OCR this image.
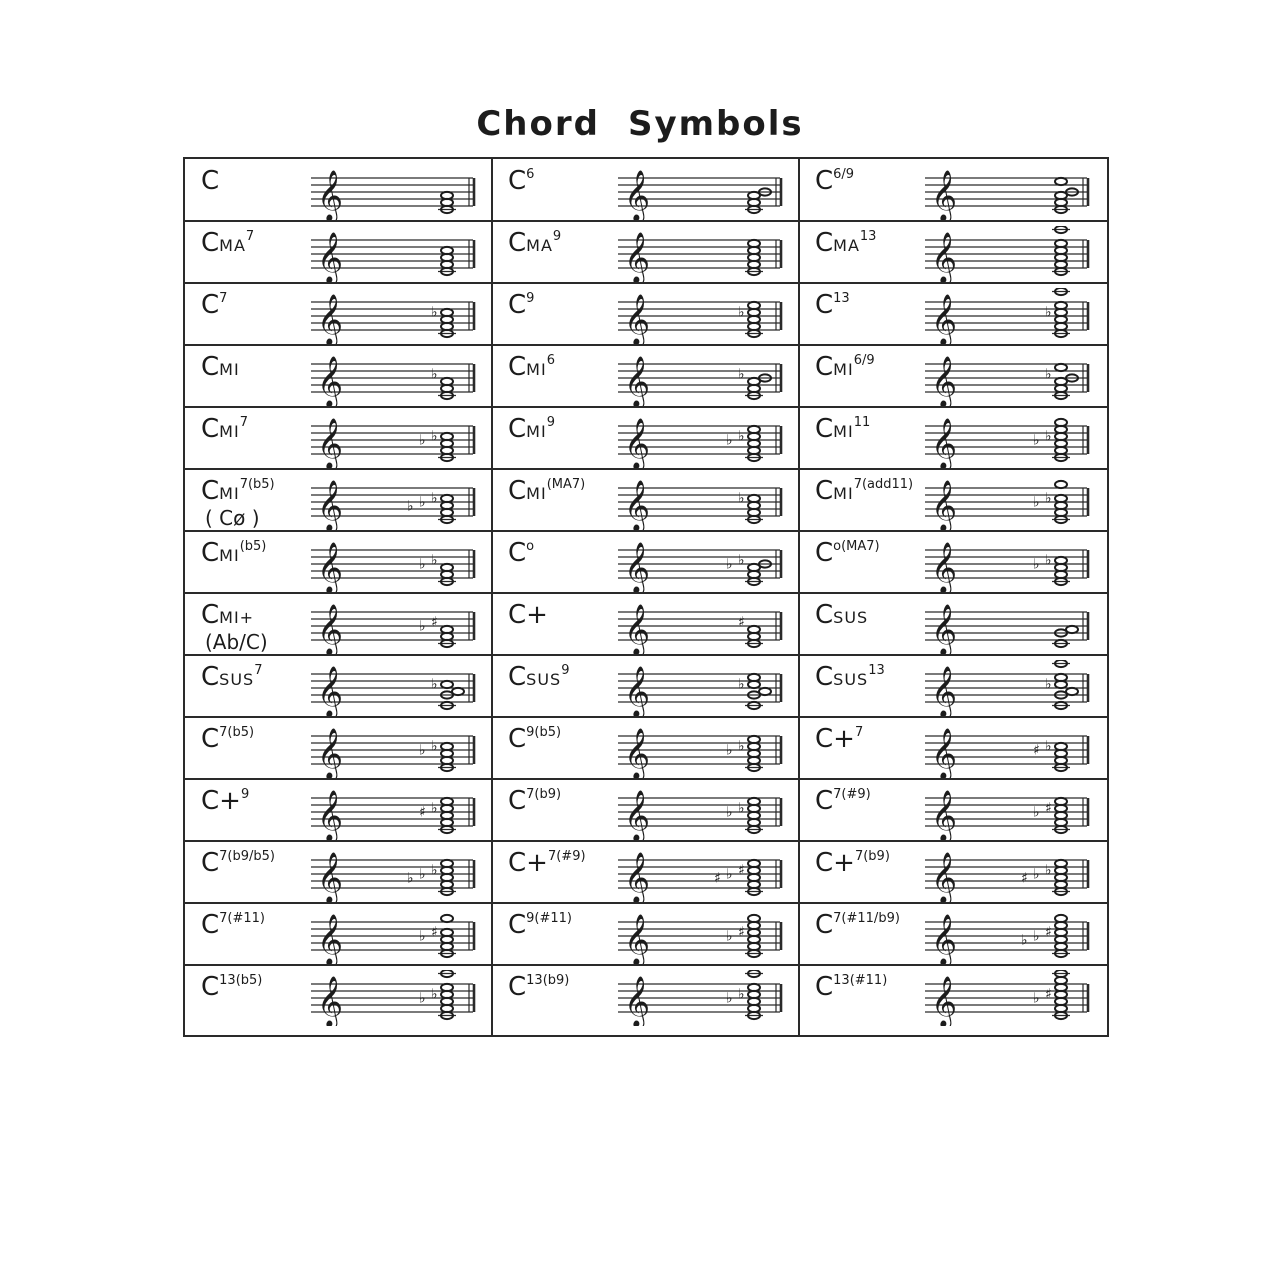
Chord Symbols
C	𝄞	$C^6$	𝄞	$C^{6/9}$	𝄞
CMA$^7$	𝄞	CMA$^9$	𝄞	CMA$^{13}$	𝄞
$C^7$	𝄞	♭	$C^9$	𝄞	♭	$C^{13}$	𝄞	♭
CMI	𝄞	♭	CMI$^6$	𝄞	♭	$CMI^{6/9}$	𝄞	♭
CMI$^7$	𝄞	♭ ♭	CMI$^9$	𝄞	♭ ♭	CMI$^{11}$	𝄞	♭ ♭
$CMI^{7(b5)}$
( Cø )	𝄞	♭ ♭ ♭	$CMI^{(MA7)}$ 𝄞	♭	$CMI^{7(add11)}$ 𝄞	♭ ♭
$CMI^{(b5)}$	𝄞	♭ ♭	$C^o$	𝄞	♭ ♭	$C^{o(MA7)}$	𝄞	♭ ♭
CMI+
(Ab/C)	𝄞	♭ ♯	C+	𝄞	♯	CSUS	𝄞
CSUS$^7$	𝄞	♭	CSUS$^9$	𝄞	♭	CSUS$^{13}$	𝄞	♭
$C^{7(b5)}$	𝄞	♭ ♭	$C^{9(b5)}$	𝄞	♭ ♭	C+$^7$	𝄞	♯ ♭
C+$^9$	𝄞	♯ ♭	$C^{7(b9)}$	𝄞	♭ ♭	$C^{7(\#9)}$	𝄞	♭ ♯
$C^{7(b9/b5)}$ 𝄞	♭ ♭ ♭	C+$^{7(\#9)}$ 𝄞	♯ ♭ ♯	C+$^{7(b9)}$ 𝄞	♯ ♭ ♭
$C^{7(\#11)}$	𝄞	♭ ♯	$C^{9(\#11)}$	𝄞	♭ ♯	$C^{7(\#11/b9)}$ 𝄞	♭ ♭ ♯
$C^{13(b5)}$	𝄞	♭ ♭	$C^{13(b9)}$	𝄞	♭ ♭	$C^{13(\#11)}$ 𝄞	♭ ♯
